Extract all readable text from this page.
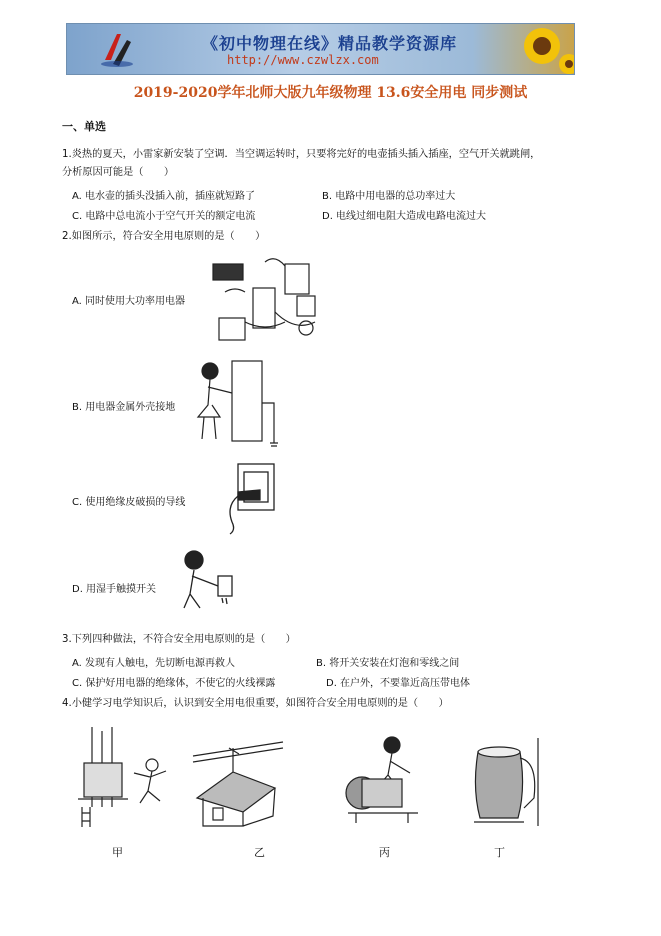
《初中物理在线》精品教学资源库
http://www.czwlzx.com
2019-2020学年北师大版九年级物理 13.6安全用电 同步测试
一、单选
1.炎热的夏天，小雷家新安装了空调．当空调运转时，只要将完好的电壶插头插入插座，空气开关就跳闸，
分析原因可能是（　　）
A. 电水壶的插头没插入前，插座就短路了	B. 电路中用电器的总功率过大
C. 电路中总电流小于空气开关的额定电流	D. 电线过细电阻大造成电路电流过大
2.如图所示，符合安全用电原则的是（　　）
A. 同时使用大功率用电器
B. 用电器金属外壳接地
C. 使用绝缘皮破损的导线
D. 用湿手触摸开关
3.下列四种做法，不符合安全用电原则的是（　　）
A. 发现有人触电，先切断电源再救人	B. 将开关安装在灯泡和零线之间
C. 保护好用电器的绝缘体，不使它的火线裸露	D. 在户外，不要靠近高压带电体
4.小健学习电学知识后，认识到安全用电很重要，如图符合安全用电原则的是（　　）
甲	乙	丙	丁
